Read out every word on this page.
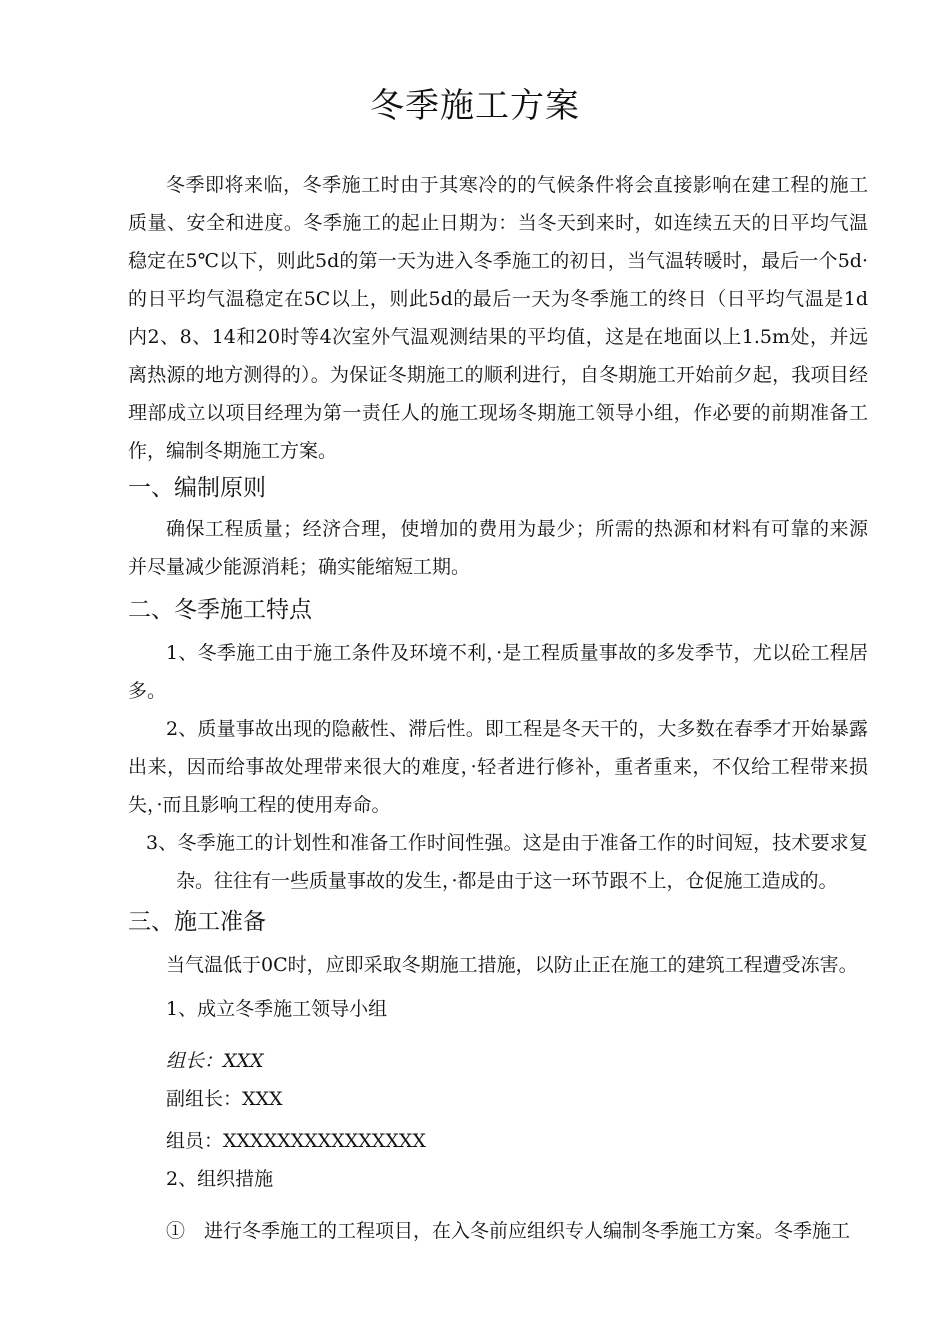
冬季施工方案

冬季即将来临，冬季施工时由于其寒冷的的气候条件将会直接影响在建工程的施工质量、安全和进度。冬季施工的起止日期为：当冬天到来时，如连续五天的日平均气温稳定在5℃以下，则此5d的第一天为进入冬季施工的初日，当气温转暖时，最后一个5d·的日平均气温稳定在5C以上，则此5d的最后一天为冬季施工的终日（日平均气温是1d内2、8、14和20时等4次室外气温观测结果的平均值，这是在地面以上1.5m处，并远离热源的地方测得的）。为保证冬期施工的顺利进行，自冬期施工开始前夕起，我项目经理部成立以项目经理为第一责任人的施工现场冬期施工领导小组，作必要的前期准备工作，编制冬期施工方案。

一、编制原则

确保工程质量；经济合理，使增加的费用为最少；所需的热源和材料有可靠的来源并尽量减少能源消耗；确实能缩短工期。

二、冬季施工特点

1、冬季施工由于施工条件及环境不利，·是工程质量事故的多发季节，尤以砼工程居多。

2、质量事故出现的隐蔽性、滞后性。即工程是冬天干的，大多数在春季才开始暴露出来，因而给事故处理带来很大的难度，·轻者进行修补，重者重来，不仅给工程带来损失，·而且影响工程的使用寿命。

3、冬季施工的计划性和准备工作时间性强。这是由于准备工作的时间短，技术要求复杂。往往有一些质量事故的发生，·都是由于这一环节跟不上，仓促施工造成的。

三、施工准备

当气温低于0C时，应即采取冬期施工措施，以防止正在施工的建筑工程遭受冻害。

1、成立冬季施工领导小组
组长：XXX
副组长：XXX
组员：XXXXXXXXXXXXXXX
2、组织措施
①　进行冬季施工的工程项目，在入冬前应组织专人编制冬季施工方案。冬季施工
